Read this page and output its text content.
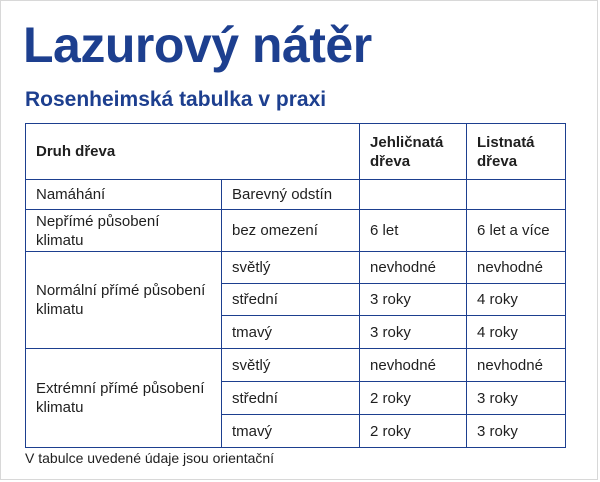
Lazurový nátěr
Rosenheimská tabulka v praxi
Druh dřeva		Jehličnatá dřeva	Listnatá dřeva
Namáhání	Barevný odstín		
Nepřímé působení klimatu	bez omezení	6 let	6 let a více
Normální přímé působení klimatu	světlý	nevhodné	nevhodné
	střední	3 roky	4 roky
	tmavý	3 roky	4 roky
Extrémní přímé působení klimatu	světlý	nevhodné	nevhodné
	střední	2 roky	3 roky
	tmavý	2 roky	3 roky

V tabulce uvedené údaje jsou orientační
